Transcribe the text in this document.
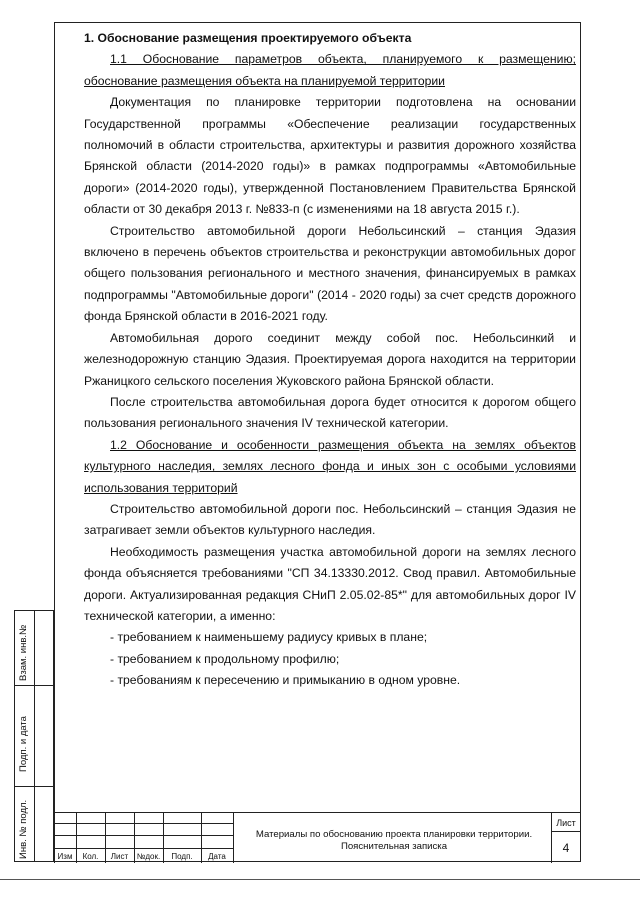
1. Обоснование размещения проектируемого объекта

1.1 Обоснование параметров объекта, планируемого к размещению; обоснование размещения объекта на планируемой территории

Документация по планировке территории подготовлена на основании Государственной программы «Обеспечение реализации государственных полномочий в области строительства, архитектуры и развития дорожного хозяйства Брянской области (2014-2020 годы)» в рамках подпрограммы «Автомобильные дороги» (2014-2020 годы), утвержденной Постановлением Правительства Брянской области от 30 декабря 2013 г. №833-п (с изменениями на 18 августа 2015 г.).

Строительство автомобильной дороги Небольсинский – станция Эдазия включено в перечень объектов строительства и реконструкции автомобильных дорог общего пользования регионального и местного значения, финансируемых в рамках подпрограммы "Автомобильные дороги" (2014 - 2020 годы) за счет средств дорожного фонда Брянской области в 2016-2021 году.

Автомобильная дорого соединит между собой пос. Небольсинкий и железнодорожную станцию Эдазия. Проектируемая дорога находится на территории Ржаницкого сельского поселения Жуковского района Брянской области.

После строительства автомобильная дорога будет относится к дорогом общего пользования регионального значения IV технической категории.

1.2 Обоснование и особенности размещения объекта на землях объектов культурного наследия, землях лесного фонда и иных зон с особыми условиями использования территорий

Строительство автомобильной дороги пос. Небольсинский – станция Эдазия не затрагивает земли объектов культурного наследия.

Необходимость размещения участка автомобильной дороги на землях лесного фонда объясняется требованиями "СП 34.13330.2012. Свод правил. Автомобильные дороги. Актуализированная редакция СНиП 2.05.02-85*" для автомобильных дорог IV технической категории, а именно:

- требованием к наименьшему радиусу кривых в плане;

- требованием к продольному профилю;

- требованиям к пересечению и примыканию в одном уровне.

Взам. инв.№
Подп. и дата
Инв. № подл.	Изм	Кол.	Лист	№док.	Подп.	Дата
Материалы по обоснованию проекта планировки территории.
Пояснительная записка
Лист
4
